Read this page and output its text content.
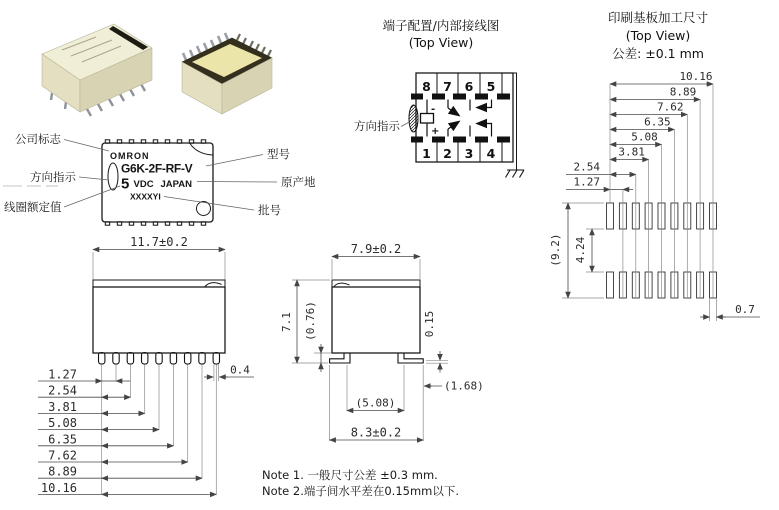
OMRON
G6K-2F-RF-V
5 VDC JAPAN
XXXXYI
公司标志
方向指示
线圈额定值
型号
原产地
批号
端子配置/内部接线图
(Top View)
8 7 6 5
1 2 3 4
方向指示
-
+
印刷基板加工尺寸
(Top View)
公差: ±0.1 mm
10.16
8.89
7.62
6.35
5.08
3.81
2.54
1.27
(9.2) 4.24
0.7
11.7±0.2
0.4
1.27
2.54
3.81
5.08
6.35
7.62
8.89
10.16
7.9±0.2
7.1 (0.76)	0.15
(1.68)
(5.08)
8.3±0.2
Note 1. 一般尺寸公差 ±0.3 mm.
Note 2.端子间水平差在0.15mm以下.
